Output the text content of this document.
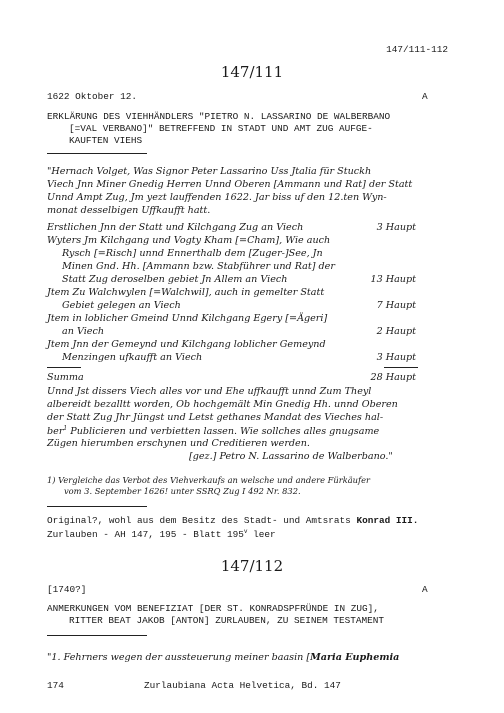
147/111-112
147/111
1622 Oktober 12.	A
ERKLÄRUNG DES VIEHHÄNDLERS "PIETRO N. LASSARINO DE WALBERBANO
[=VAL VERBANO]" BETREFFEND IN STADT UND AMT ZUG AUFGE-
KAUFTEN VIEHS
"Hernach Volget, Was Signor Peter Lassarino Uss Jtalia für Stuckh
Viech Jnn Miner Gnedig Herren Unnd Oberen [Ammann und Rat] der Statt
Unnd Ampt Zug, Jm yezt lauffenden 1622. Jar biss uf den 12.ten Wyn-
monat desselbigen Uffkaufft hatt.
Erstlichen Jnn der Statt und Kilchgang Zug an Viech	3 Haupt
Wyters Jm Kilchgang und Vogty Kham [=Cham], Wie auch
Rysch [=Risch] unnd Ennerthalb dem [Zuger-]See, Jn
Minen Gnd. Hh. [Ammann bzw. Stabführer und Rat] der
Statt Zug deroselben gebiet Jn Allem an Viech	13 Haupt
Jtem Zu Walchwylen [=Walchwil], auch in gemelter Statt
Gebiet gelegen an Viech	7 Haupt
Jtem in loblicher Gmeind Unnd Kilchgang Egery [=Ägeri]
an Viech	2 Haupt
Jtem Jnn der Gemeynd und Kilchgang loblicher Gemeynd
Menzingen ufkaufft an Viech	3 Haupt
Summa	28 Haupt
Unnd Jst dissers Viech alles vor und Ehe uffkaufft unnd Zum Theyl
albereidt bezalltt worden, Ob hochgemält Min Gnedig Hh. unnd Oberen
der Statt Zug Jhr Jüngst und Letst gethanes Mandat des Vieches hal-
ber$^1$ Publicieren und verbietten lassen. Wie sollches alles gnugsame
Zügen hierumben erschynen und Creditieren werden.
[gez.] Petro N. Lassarino de Walberbano."
1) Vergleiche das Verbot des Viehverkaufs an welsche und andere Fürkäufer
vom 3. September 1626! unter SSRQ Zug I 492 Nr. 832.
Original?, wohl aus dem Besitz des Stadt- und Amtsrats Konrad III.
Zurlauben - AH 147, 195 - Blatt 195$^v$ leer
147/112
[1740?]	A
ANMERKUNGEN VOM BENEFIZIAT [DER ST. KONRADSPFRÜNDE IN ZUG],
RITTER BEAT JAKOB [ANTON] ZURLAUBEN, ZU SEINEM TESTAMENT
"1. Fehrners wegen der aussteuerung meiner baasin [Maria Euphemia
174	Zurlaubiana Acta Helvetica, Bd. 147
